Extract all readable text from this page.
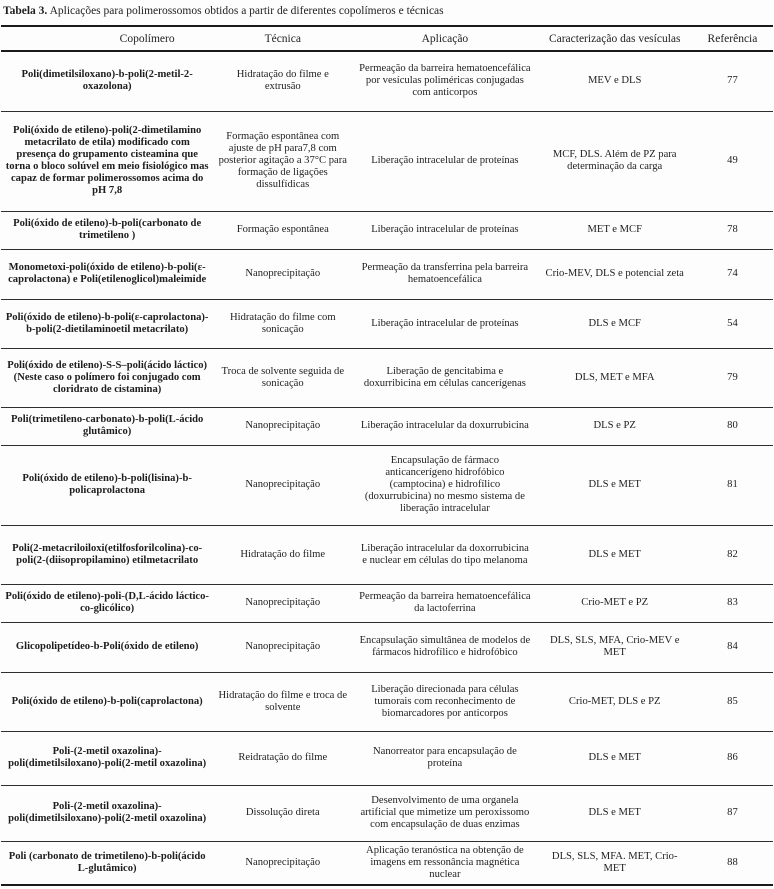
Tabela 3. Aplicações para polimerossomos obtidos a partir de diferentes copolímeros e técnicas

Copolímero	Técnica	Aplicação	Caracterização das vesículas	Referência
Poli(dimetilsiloxano)-b-poli(2-metil-2-oxazolona)	Hidratação do filme e extrusão	Permeação da barreira hematoencefálica por vesículas poliméricas conjugadas com anticorpos	MEV e DLS	77
Poli(óxido de etileno)-poli(2-dimetilamino metacrilato de etila) modificado com presença do grupamento cisteamina que torna o bloco solúvel em meio fisiológico mas capaz de formar polimerossomos acima do pH 7,8	Formação espontânea com ajuste de pH para7,8 com posterior agitação a 37°C para formação de ligações dissulfídicas	Liberação intracelular de proteínas	MCF, DLS. Além de PZ para determinação da carga	49
Poli(óxido de etileno)-b-poli(carbonato de trimetileno )	Formação espontânea	Liberação intracelular de proteínas	MET e MCF	78
Monometoxi-poli(óxido de etileno)-b-poli(ε-caprolactona) e Poli(etilenoglicol)maleimide	Nanoprecipitação	Permeação da transferrina pela barreira hematoencefálica	Crio-MEV, DLS e potencial zeta	74
Poli(óxido de etileno)-b-poli(ε-caprolactona)-b-poli(2-dietilaminoetil metacrilato)	Hidratação do filme com sonicação	Liberação intracelular de proteínas	DLS e MCF	54
Poli(óxido de etileno)-S-S–poli(ácido láctico) (Neste caso o polímero foi conjugado com cloridrato de cistamina)	Troca de solvente seguida de sonicação	Liberação de gencitabima e doxurribicina em células cancerígenas	DLS, MET e MFA	79
Poli(trimetileno-carbonato)-b-poli(L-ácido glutâmico)	Nanoprecipitação	Liberação intracelular da doxurrubicina	DLS e PZ	80
Poli(óxido de etileno)-b-poli(lisina)-b-policaprolactona	Nanoprecipitação	Encapsulação de fármaco anticancerígeno hidrofóbico (camptocina) e hidrofílico (doxurrubicina) no mesmo sistema de liberação intracelular	DLS e MET	81
Poli(2-metacriloiloxi(etilfosforilcolina)-co-poli(2-(diisopropilamino) etilmetacrilato	Hidratação do filme	Liberação intracelular da doxorrubicina e nuclear em células do tipo melanoma	DLS e MET	82
Poli(óxido de etileno)-poli-(D,L-ácido láctico-co-glicólico)	Nanoprecipitação	Permeação da barreira hematoencefálica da lactoferrina	Crio-MET e PZ	83
Glicopolipetídeo-b-Poli(óxido de etileno)	Nanoprecipitação	Encapsulação simultânea de modelos de fármacos hidrofílico e hidrofóbico	DLS, SLS, MFA, Crio-MEV e MET	84
Poli(óxido de etileno)-b-poli(caprolactona)	Hidratação do filme e troca de solvente	Liberação direcionada para células tumorais com reconhecimento de biomarcadores por anticorpos	Crio-MET, DLS e PZ	85
Poli-(2-metil oxazolina)-poli(dimetilsiloxano)-poli(2-metil oxazolina)	Reidratação do filme	Nanorreator para encapsulação de proteína	DLS e MET	86
Poli-(2-metil oxazolina)-poli(dimetilsiloxano)-poli(2-metil oxazolina)	Dissolução direta	Desenvolvimento de uma organela artificial que mimetize um peroxissomo com encapsulação de duas enzimas	DLS e MET	87
Poli (carbonato de trimetileno)-b-poli(ácido L-glutâmico)	Nanoprecipitação	Aplicação teranóstica na obtenção de imagens em ressonância magnética nuclear	DLS, SLS, MFA. MET, Crio-MET	88
